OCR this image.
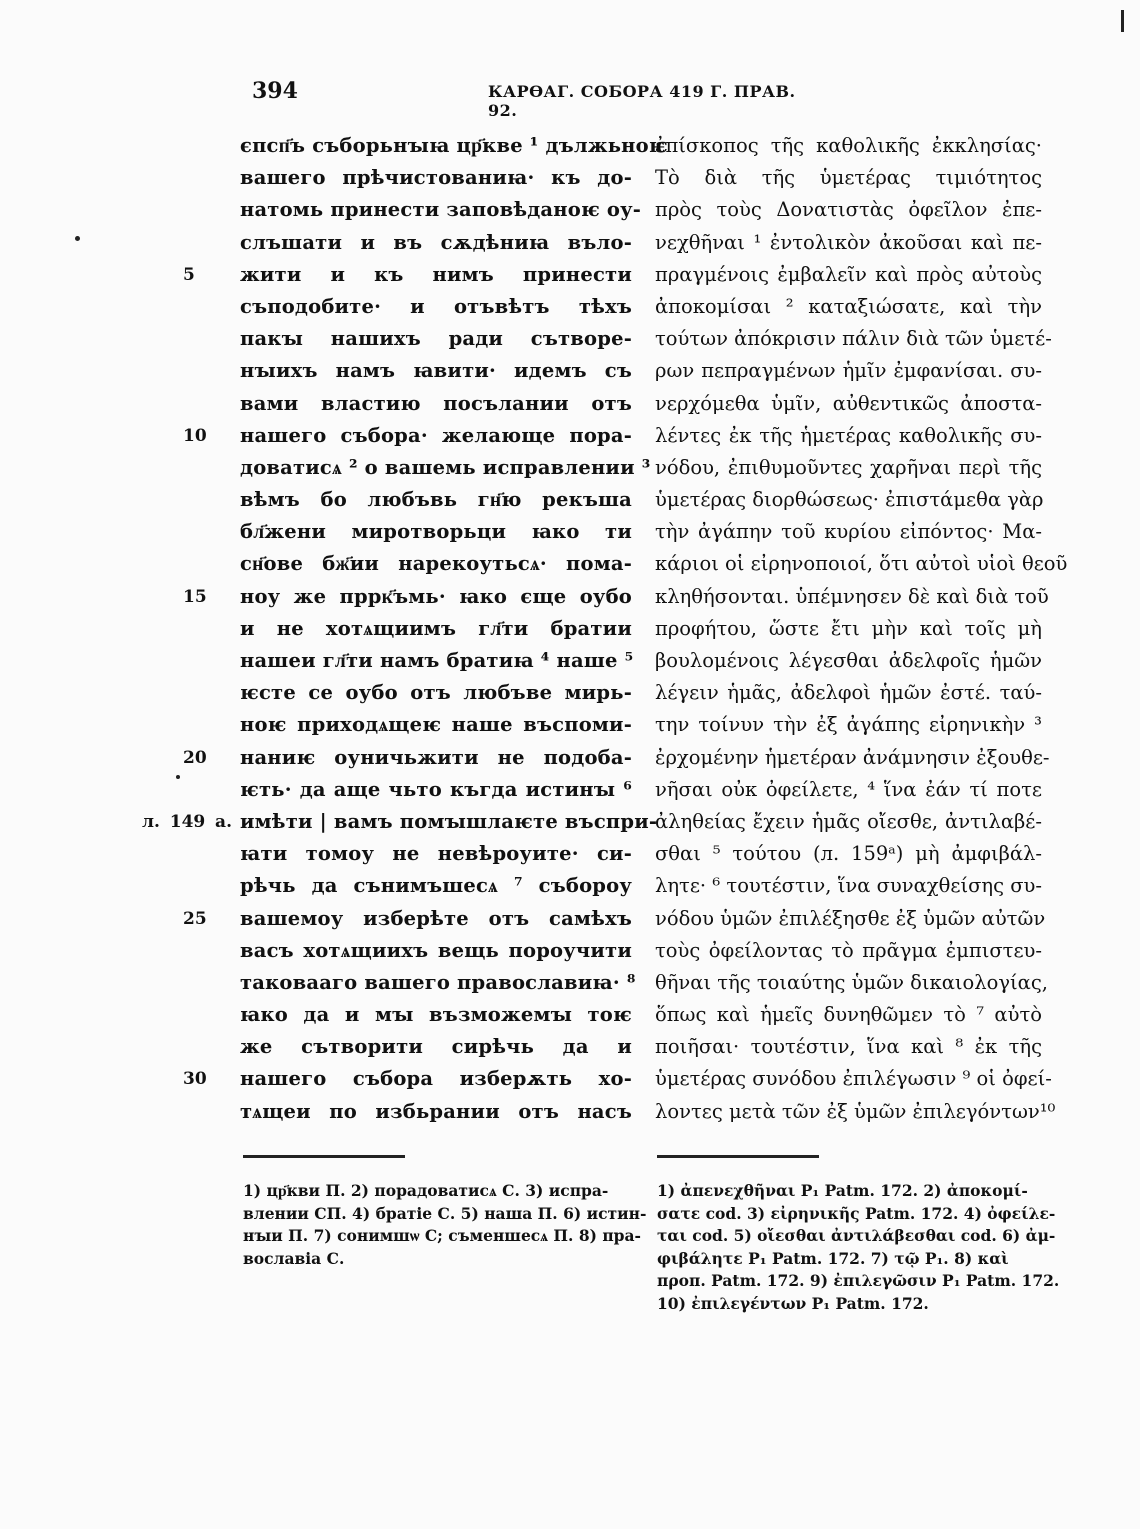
394	КАРѲАГ. СОБОРА 419 Г. ПРАВ. 92.
єпсп҃ъ съборьнꙑꙗ цр҃кве ¹ дължьноѥ
вашего прѣчистованиꙗ· къ до-
натомь принести заповѣданоѥ оу-
слъшати и въ сѫдѣниꙗ въло-
5	жити и къ нимъ принести
съподобите· и отъвѣтъ тѣхъ
пакꙑ нашихъ ради сътворе-
нꙑихъ намъ ꙗвити· идемъ съ
вами властию посълании отъ
10	нашего събора· желающе пора-
доватисѧ ² о вашемь исправлении ³
вѣмъ бо любъвь гн҃ю рекъша
бл҃жени миротворьци ꙗко ти
сн҃ове бж҃ии нарекоутьсѧ· пома-
15	ноу же пррк҃ъмь· ꙗко єще оубо
и не хотѧщиимъ гл҃ти братии
нашеи гл҃ти намъ братиꙗ ⁴ наше ⁵
ѥсте се оубо отъ любъве мирь-
ноѥ приходѧщеѥ наше въспоми-
20	наниѥ оуничьжити не подоба-
ѥть· да аще чьто къгда истинꙑ ⁶
л. 149 а. имѣти | вамъ помꙑшлаѥте въспри-
ꙗти томоу не невѣроуите· си-
рѣчь да сънимъшесѧ ⁷ събороу
25	вашемоу изберѣте отъ самѣхъ
васъ хотѧщиихъ вещь пороучити
таковааго вашего православиꙗ· ⁸
ꙗко да и мꙑ възможемꙑ тоѥ
же сътворити сирѣчь да и
30	нашего събора изберѫть хо-
тѧщеи по избьрании отъ насъ
ἐπίσκοπος τῆς καθολικῆς ἐκκλησίας·
Τὸ διὰ τῆς ὑμετέρας τιμιότητος
πρὸς τοὺς Δονατιστὰς ὀφεῖλον ἐπε-
νεχθῆναι ¹ ἐντολικὸν ἀκοῦσαι καὶ πε-
πραγμένοις ἐμβαλεῖν καὶ πρὸς αὐτοὺς
ἀποκομίσαι ² καταξιώσατε, καὶ τὴν
τούτων ἀπόκρισιν πάλιν διὰ τῶν ὑμετέ-
ρων πεπραγμένων ἡμῖν ἐμφανίσαι. συ-
νερχόμεθα ὑμῖν, αὐθεντικῶς ἀποστα-
λέντες ἐκ τῆς ἡμετέρας καθολικῆς συ-
νόδου, ἐπιθυμοῦντες χαρῆναι περὶ τῆς
ὑμετέρας διορθώσεως· ἐπιστάμεθα γὰρ
τὴν ἀγάπην τοῦ κυρίου εἰπόντος· Μα-
κάριοι οἱ εἰρηνοποιοί, ὅτι αὐτοὶ υἱοὶ θεοῦ
κληθήσονται. ὑπέμνησεν δὲ καὶ διὰ τοῦ
προφήτου, ὥστε ἔτι μὴν καὶ τοῖς μὴ
βουλομένοις λέγεσθαι ἀδελφοῖς ἡμῶν
λέγειν ἡμᾶς, ἀδελφοὶ ἡμῶν ἐστέ. ταύ-
την τοίνυν τὴν ἐξ ἀγάπης εἰρηνικὴν ³
ἐρχομένην ἡμετέραν ἀνάμνησιν ἐξουθε-
νῆσαι οὐκ ὀφείλετε, ⁴ ἵνα ἐάν τί ποτε
ἀληθείας ἔχειν ἡμᾶς οἴεσθε, ἀντιλαβέ-
σθαι ⁵ τούτου (л. 159ᵃ) μὴ ἀμφιβάλ-
λητε· ⁶ τουτέστιν, ἵνα συναχθείσης συ-
νόδου ὑμῶν ἐπιλέξησθε ἐξ ὑμῶν αὐτῶν
τοὺς ὀφείλοντας τὸ πρᾶγμα ἐμπιστευ-
θῆναι τῆς τοιαύτης ὑμῶν δικαιολογίας,
ὅπως καὶ ἡμεῖς δυνηθῶμεν τὸ ⁷ αὐτὸ
ποιῆσαι· τουτέστιν, ἵνα καὶ ⁸ ἐκ τῆς
ὑμετέρας συνόδου ἐπιλέγωσιν ⁹ οἱ ὀφεί-
λοντες μετὰ τῶν ἐξ ὑμῶν ἐπιλεγόντων¹⁰
1) цр҃кви П. 2) порадоватисѧ С. 3) испра-
влении СП. 4) братiе С. 5) наша П. 6) истин-
нꙑи П. 7) сонимшѡ С; съменшесѧ П. 8) пра-
вославiа С.
1) ἀπενεχθῆναι P₁ Patm. 172. 2) ἀποκομί-
σατε cod. 3) εἰρηνικῆς Patm. 172. 4) ὀφείλε-
ται cod. 5) οἴεσθαι ἀντιλάβεσθαι cod. 6) ἀμ-
φιβάλητε P₁ Patm. 172. 7) τῷ P₁. 8) καὶ
προπ. Patm. 172. 9) ἐπιλεγῶσιν P₁ Patm. 172.
10) ἐπιλεγέντων P₁ Patm. 172.
